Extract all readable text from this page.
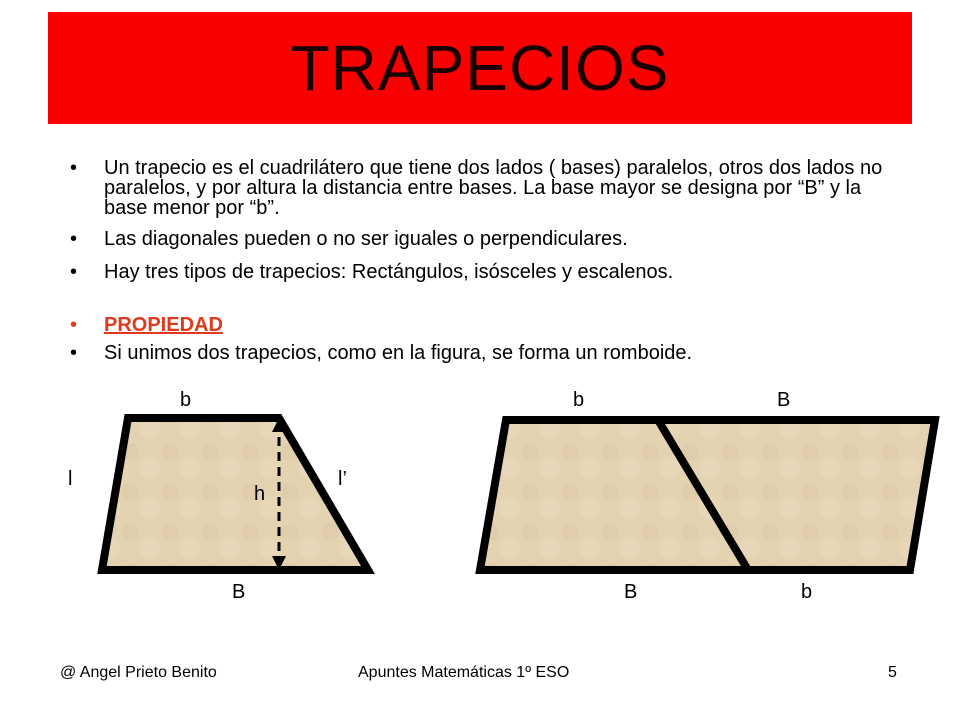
TRAPECIOS
• Un trapecio es el cuadrilátero que tiene dos lados ( bases) paralelos, otros dos lados no paralelos, y por altura la distancia entre bases. La base mayor se designa por “B” y la base menor por “b”.
• Las diagonales pueden o no ser iguales o perpendiculares.
• Hay tres tipos de trapecios: Rectángulos, isósceles y escalenos.
• PROPIEDAD
• Si unimos dos trapecios, como en la figura, se forma un romboide.
b
B
l	l’
h
b	B
B	b
@ Angel Prieto Benito	Apuntes Matemáticas 1º ESO	5
